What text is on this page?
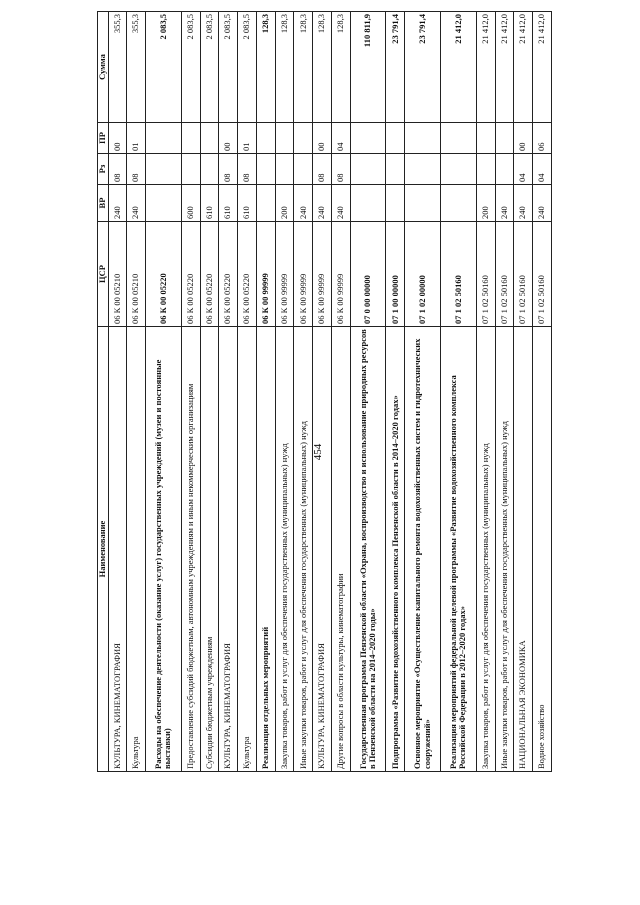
454
Наименование	ЦСР	ВР	Рз	ПР	Сумма
КУЛЬТУРА, КИНЕМАТОГРАФИЯ	06 К 00 05210	240	08	00	355,3
Культура	06 К 00 05210	240	08	01	355,3
Расходы на обеспечение деятельности (оказание услуг) государственных учреждений (музеи и постоянные выставки)	06 К 00 05220				2 083,5
Предоставление субсидий бюджетным, автономным учреждениям и иным некоммерческим организациям	06 К 00 05220	600			2 083,5
Субсидии бюджетным учреждениям	06 К 00 05220	610			2 083,5
КУЛЬТУРА, КИНЕМАТОГРАФИЯ	06 К 00 05220	610	08	00	2 083,5
Культура	06 К 00 05220	610	08	01	2 083,5
Реализация отдельных мероприятий	06 К 00 99999				128,3
Закупка товаров, работ и услуг для обеспечения государственных (муниципальных) нужд	06 К 00 99999	200			128,3
Иные закупки товаров, работ и услуг для обеспечения государственных (муниципальных) нужд	06 К 00 99999	240			128,3
КУЛЬТУРА, КИНЕМАТОГРАФИЯ	06 К 00 99999	240	08	00	128,3
Другие вопросы в области культуры, кинематографии	06 К 00 99999	240	08	04	128,3
Государственная программа Пензенской области «Охрана, воспроизводство и использование природных ресурсов в Пензенской области на 2014–2020 годы»	07 0 00 00000				110 811,9
Подпрограмма «Развитие водохозяйственного комплекса Пензенской области в 2014–2020 годах»	07 1 00 00000				23 791,4
Основное мероприятие «Осуществление капитального ремонта водохозяйственных систем и гидротехнических сооружений»	07 1 02 00000				23 791,4
Реализация мероприятий федеральной целевой программы «Развитие водохозяйственного комплекса Российской Федерации в 2012–2020 годах»	07 1 02 50160				21 412,0
Закупка товаров, работ и услуг для обеспечения государственных (муниципальных) нужд	07 1 02 50160	200			21 412,0
Иные закупки товаров, работ и услуг для обеспечения государственных (муниципальных) нужд	07 1 02 50160	240			21 412,0
НАЦИОНАЛЬНАЯ ЭКОНОМИКА	07 1 02 50160	240	04	00	21 412,0
Водное хозяйство	07 1 02 50160	240	04	06	21 412,0
